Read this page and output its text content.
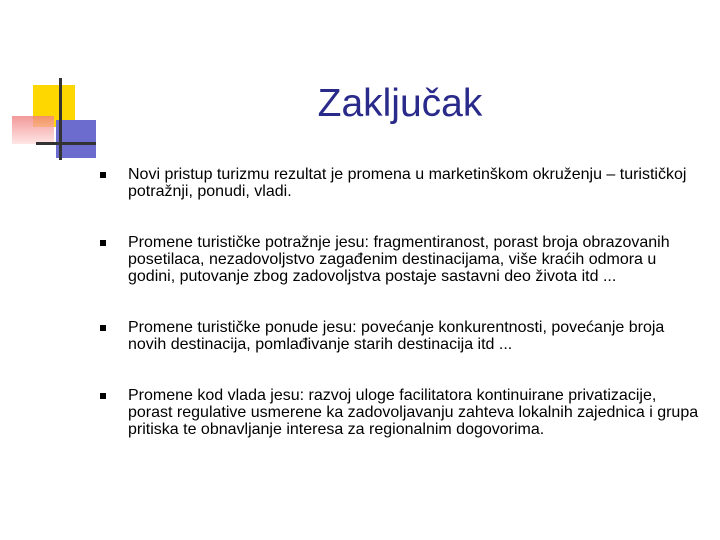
Zaključak
Novi pristup turizmu rezultat je promena u marketinškom okruženju – turističkoj potražnji, ponudi, vladi.
Promene turističke potražnje jesu: fragmentiranost, porast broja obrazovanih posetilaca, nezadovoljstvo zagađenim destinacijama, više kraćih odmora u godini, putovanje zbog zadovoljstva postaje sastavni deo života itd ...
Promene turističke ponude jesu: povećanje konkurentnosti, povećanje broja novih destinacija, pomlađivanje starih destinacija itd ...
Promene kod vlada jesu: razvoj uloge facilitatora kontinuirane privatizacije, porast regulative usmerene ka zadovoljavanju zahteva lokalnih zajednica i grupa pritiska te obnavljanje interesa za regionalnim dogovorima.
